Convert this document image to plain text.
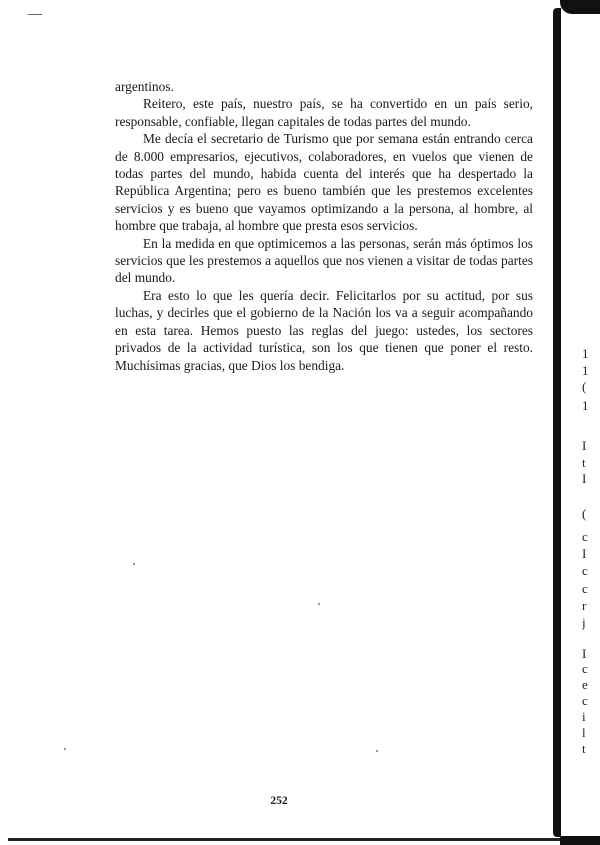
argentinos.

Reitero, este país, nuestro país, se ha convertido en un país serio, responsable, confiable, llegan capitales de todas partes del mundo.

Me decía el secretario de Turismo que por semana están entrando cerca de 8.000 empresarios, ejecutivos, colaboradores, en vuelos que vienen de todas partes del mundo, habida cuenta del interés que ha despertado la República Argentina; pero es bueno también que les prestemos excelentes servicios y es bueno que vayamos optimizando a la persona, al hombre, al hombre que trabaja, al hombre que presta esos servicios.

En la medida en que optimicemos a las personas, serán más óptimos los servicios que les prestemos a aquellos que nos vienen a visitar de todas partes del mundo.

Era esto lo que les quería decir. Felicitarlos por su actitud, por sus luchas, y decirles que el gobierno de la Nación los va a seguir acompañando en esta tarea. Hemos puesto las reglas del juego: ustedes, los sectores privados de la actividad turística, son los que tienen que poner el resto. Muchísimas gracias, que Dios los bendiga.

252
1
1
(
1
I
t
I
(
c
I
c
c
r
j
I
c
e
c
i
l
t
